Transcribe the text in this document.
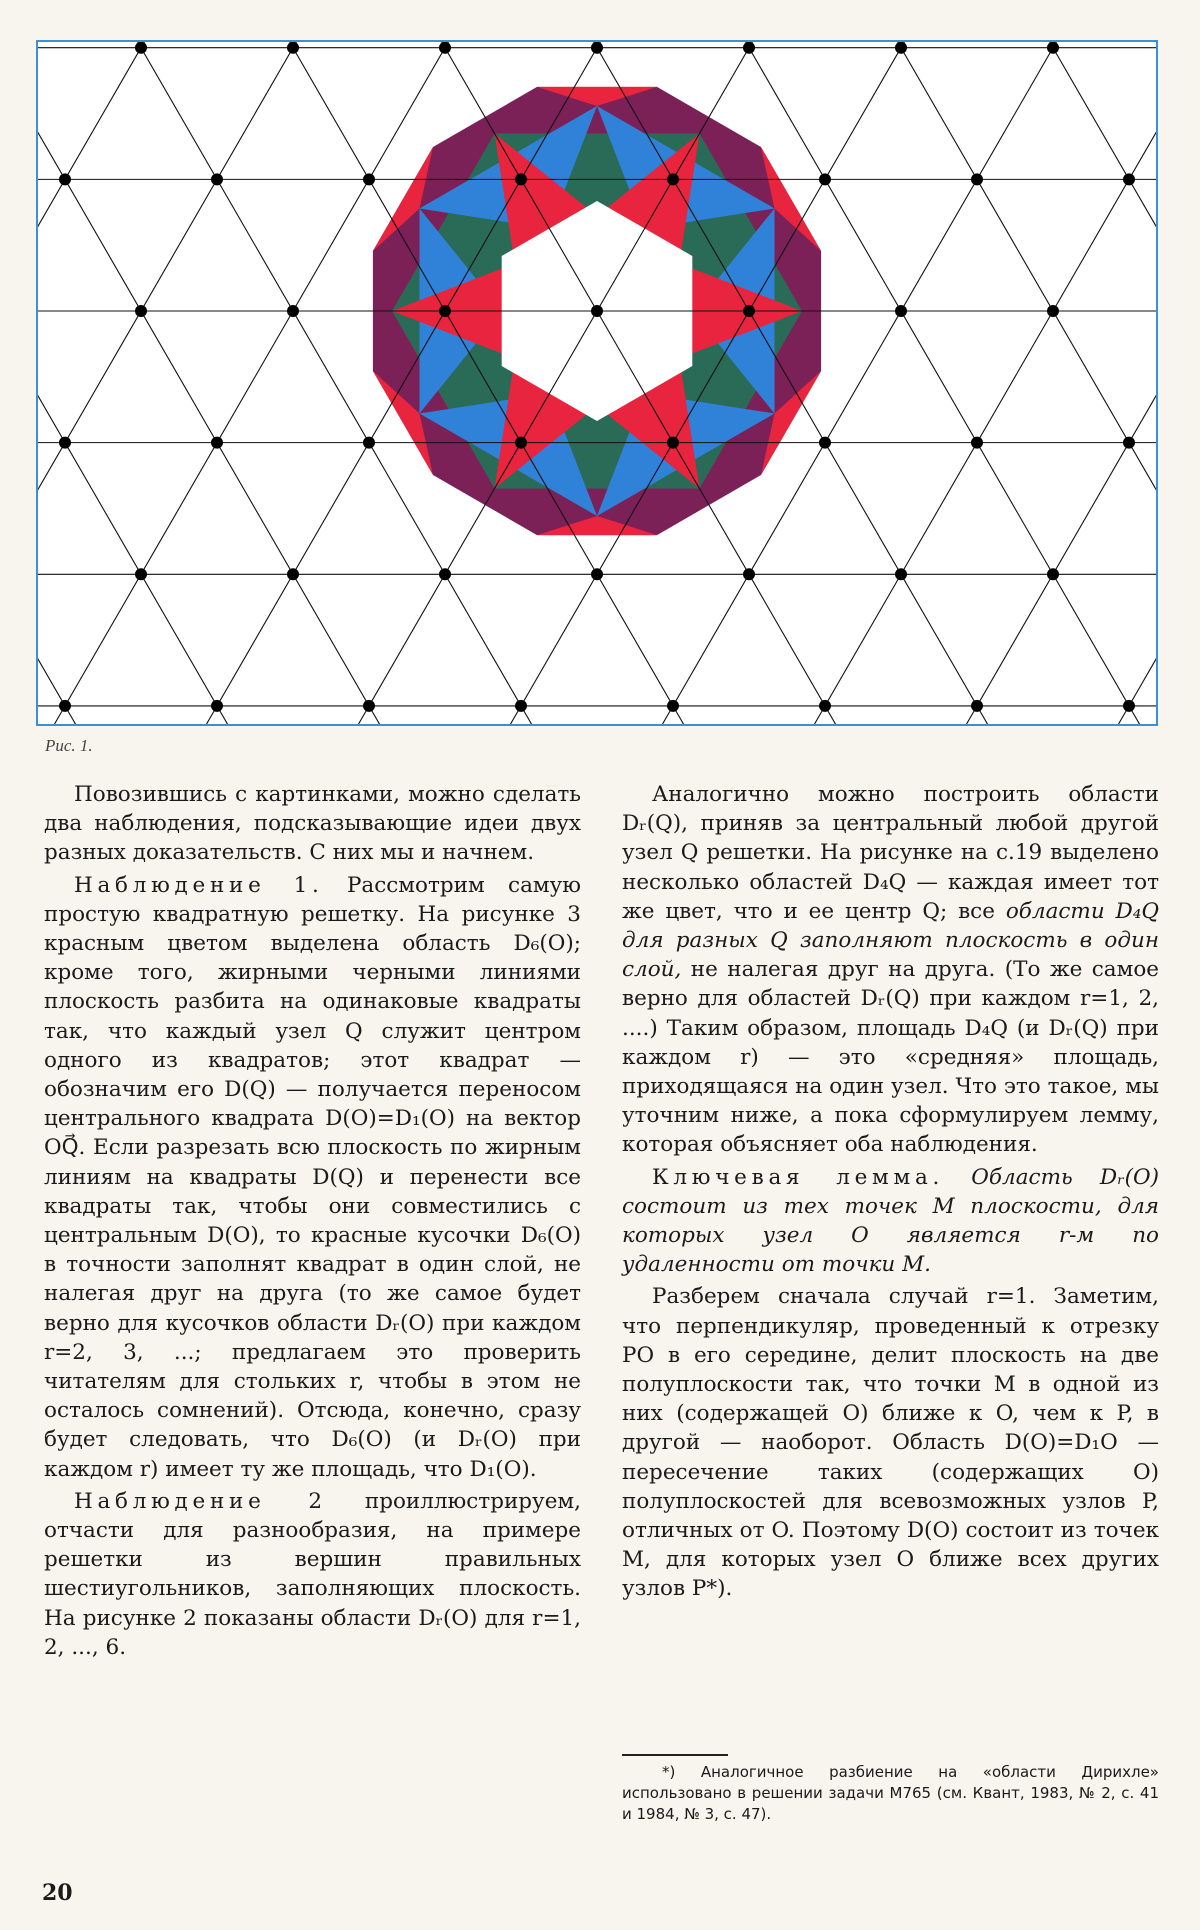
Рис. 1.

Повозившись с картинками, можно сделать два наблюдения, подсказывающие идеи двух разных доказательств. С них мы и начнем.

Наблюдение 1. Рассмотрим самую простую квадратную решетку. На рисунке 3 красным цветом выделена область D₆(O); кроме того, жирными черными линиями плоскость разбита на одинаковые квадраты так, что каждый узел Q служит центром одного из квадратов; этот квадрат — обозначим его D(Q) — получается переносом центрального квадрата D(O)=D₁(O) на вектор OQ⃗. Если разрезать всю плоскость по жирным линиям на квадраты D(Q) и перенести все квадраты так, чтобы они совместились с центральным D(O), то красные кусочки D₆(O) в точности заполнят квадрат в один слой, не налегая друг на друга (то же самое будет верно для кусочков области Dᵣ(O) при каждом r=2, 3, ...; предлагаем это проверить читателям для стольких r, чтобы в этом не осталось сомнений). Отсюда, конечно, сразу будет следовать, что D₆(O) (и Dᵣ(O) при каждом r) имеет ту же площадь, что D₁(O).

Наблюдение 2 проиллюстрируем, отчасти для разнообразия, на примере решетки из вершин правильных шестиугольников, заполняющих плоскость. На рисунке 2 показаны области Dᵣ(O) для r=1, 2, ..., 6.

Аналогично можно построить области Dᵣ(Q), приняв за центральный любой другой узел Q решетки. На рисунке на с.19 выделено несколько областей D₄Q — каждая имеет тот же цвет, что и ее центр Q; все области D₄Q для разных Q заполняют плоскость в один слой, не налегая друг на друга. (То же самое верно для областей Dᵣ(Q) при каждом r=1, 2, ....) Таким образом, площадь D₄Q (и Dᵣ(Q) при каждом r) — это «средняя» площадь, приходящаяся на один узел. Что это такое, мы уточним ниже, а пока сформулируем лемму, которая объясняет оба наблюдения.

Ключевая лемма. Область Dᵣ(O) состоит из тех точек M плоскости, для которых узел O является r-м по удаленности от точки M.

Разберем сначала случай r=1. Заметим, что перпендикуляр, проведенный к отрезку PO в его середине, делит плоскость на две полуплоскости так, что точки M в одной из них (содержащей O) ближе к O, чем к P, в другой — наоборот. Область D(O)=D₁O — пересечение таких (содержащих O) полуплоскостей для всевозможных узлов P, отличных от O. Поэтому D(O) состоит из точек M, для которых узел O ближе всех других узлов P*).

*) Аналогичное разбиение на «области Дирихле» использовано в решении задачи М765 (см. Квант, 1983, № 2, с. 41 и 1984, № 3, с. 47).
20
